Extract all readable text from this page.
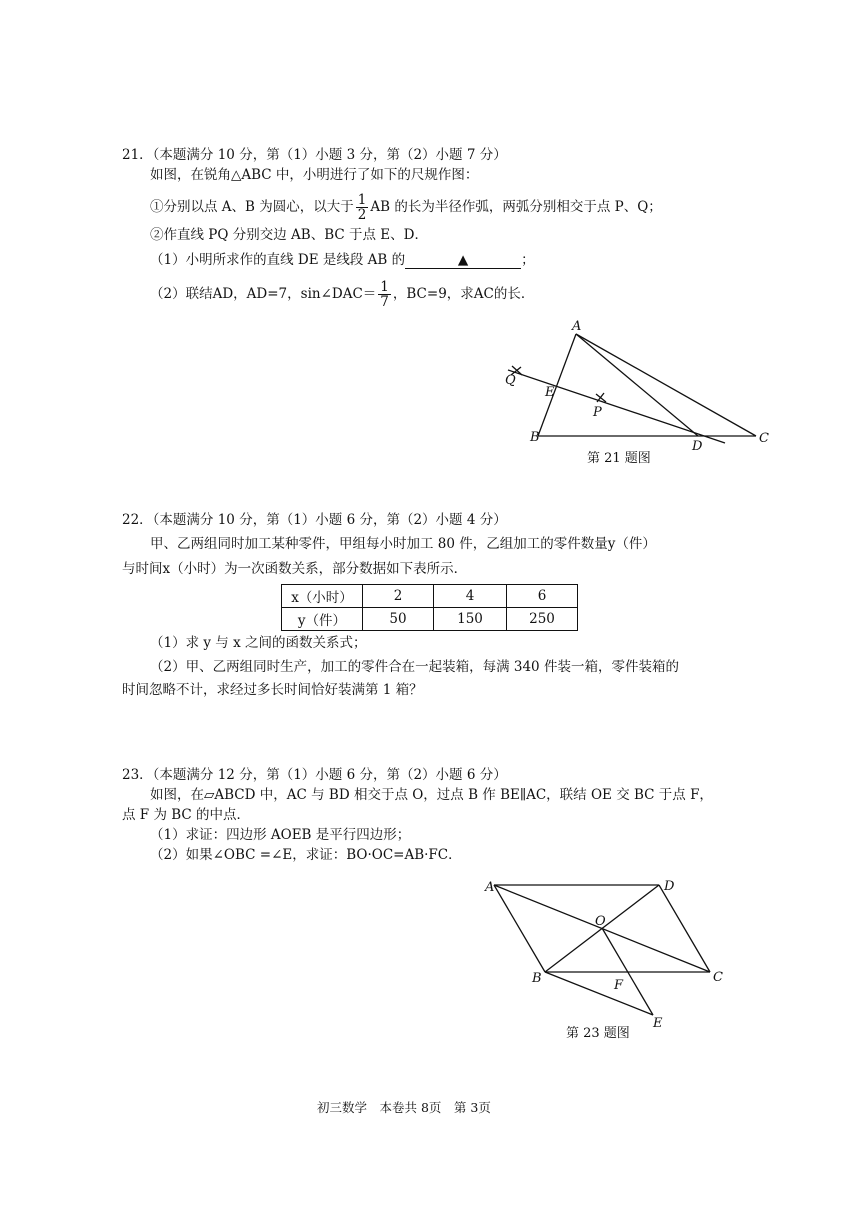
21．（本题满分 10 分，第（1）小题 3 分，第（2）小题 7 分）
如图，在锐角△ABC 中，小明进行了如下的尺规作图：
①分别以点 A、B 为圆心，以大于 $\frac{1}{2}$ AB 的长为半径作弧，两弧分别相交于点 P、Q；
②作直线 PQ 分别交边 AB、BC 于点 E、D．
（1）小明所求作的直线 DE 是线段 AB 的	▲	；
（2）联结AD，AD=7，sin∠DAC＝ $\frac{1}{7}$ ，BC=9，求AC的长．
A
Q
E
P
B
D
C
第 21 题图
22．（本题满分 10 分，第（1）小题 6 分，第（2）小题 4 分）
甲、乙两组同时加工某种零件，甲组每小时加工 80 件，乙组加工的零件数量y（件）
与时间x（小时）为一次函数关系，部分数据如下表所示．
x（小时）	2	4	6
y（件）	50	150	250
（1）求 y 与 x 之间的函数关系式；
（2）甲、乙两组同时生产，加工的零件合在一起装箱，每满 340 件装一箱，零件装箱的
时间忽略不计，求经过多长时间恰好装满第 1 箱？
23．（本题满分 12 分，第（1）小题 6 分，第（2）小题 6 分）
如图，在▱ABCD 中，AC 与 BD 相交于点 O，过点 B 作 BE∥AC，联结 OE 交 BC 于点 F，
点 F 为 BC 的中点．
（1）求证：四边形 AOEB 是平行四边形；
（2）如果∠OBC =∠E，求证：BO·OC=AB·FC．
A	D
O
B	C
F
E
第 23 题图
初三数学　本卷共 8页　第 3页
